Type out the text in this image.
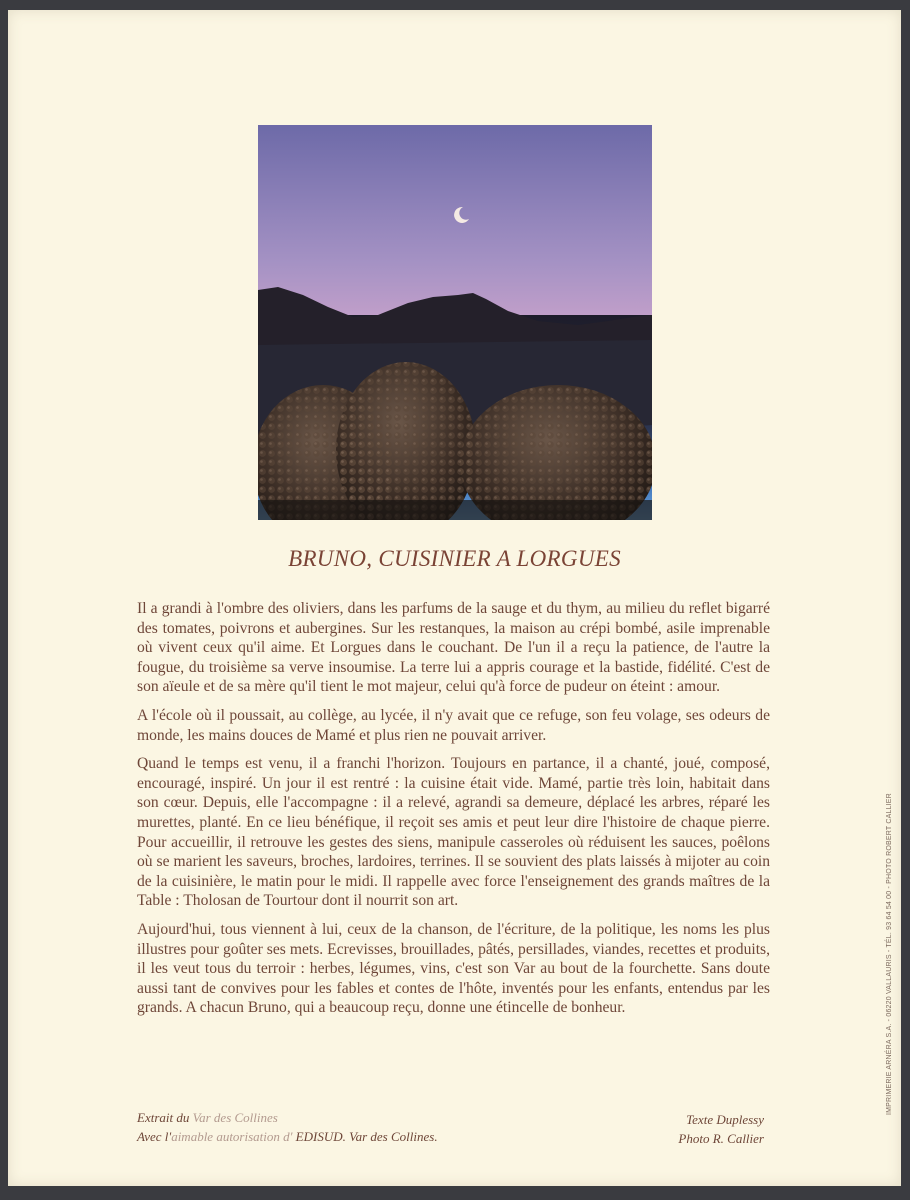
BRUNO, CUISINIER A LORGUES

Il a grandi à l'ombre des oliviers, dans les parfums de la sauge et du thym, au milieu du reflet bigarré des tomates, poivrons et aubergines. Sur les restanques, la maison au crépi bombé, asile imprenable où vivent ceux qu'il aime. Et Lorgues dans le couchant. De l'un il a reçu la patience, de l'autre la fougue, du troisième sa verve insoumise. La terre lui a appris courage et la bastide, fidélité. C'est de son aïeule et de sa mère qu'il tient le mot majeur, celui qu'à force de pudeur on éteint : amour.

A l'école où il poussait, au collège, au lycée, il n'y avait que ce refuge, son feu volage, ses odeurs de monde, les mains douces de Mamé et plus rien ne pouvait arriver.

Quand le temps est venu, il a franchi l'horizon. Toujours en partance, il a chanté, joué, composé, encouragé, inspiré. Un jour il est rentré : la cuisine était vide. Mamé, partie très loin, habitait dans son cœur. Depuis, elle l'accompagne : il a relevé, agrandi sa demeure, déplacé les arbres, réparé les murettes, planté. En ce lieu bénéfique, il reçoit ses amis et peut leur dire l'histoire de chaque pierre. Pour accueillir, il retrouve les gestes des siens, manipule casseroles où réduisent les sauces, poêlons où se marient les saveurs, broches, lardoires, terrines. Il se souvient des plats laissés à mijoter au coin de la cuisinière, le matin pour le midi. Il rappelle avec force l'enseignement des grands maîtres de la Table : Tholosan de Tourtour dont il nourrit son art.

Aujourd'hui, tous viennent à lui, ceux de la chanson, de l'écriture, de la politique, les noms les plus illustres pour goûter ses mets. Ecrevisses, brouillades, pâtés, persillades, viandes, recettes et produits, il les veut tous du terroir : herbes, légumes, vins, c'est son Var au bout de la fourchette. Sans doute aussi tant de convives pour les fables et contes de l'hôte, inventés pour les enfants, entendus par les grands. A chacun Bruno, qui a beaucoup reçu, donne une étincelle de bonheur.

Extrait du Var des Collines
Avec l'aimable autorisation d' EDISUD. Var des Collines.
Texte Duplessy
Photo R. Callier
IMPRIMERIE ARNÉRA S.A. - 06220 VALLAURIS - TÉL. 93 64 54 00 - PHOTO ROBERT CALLIER
